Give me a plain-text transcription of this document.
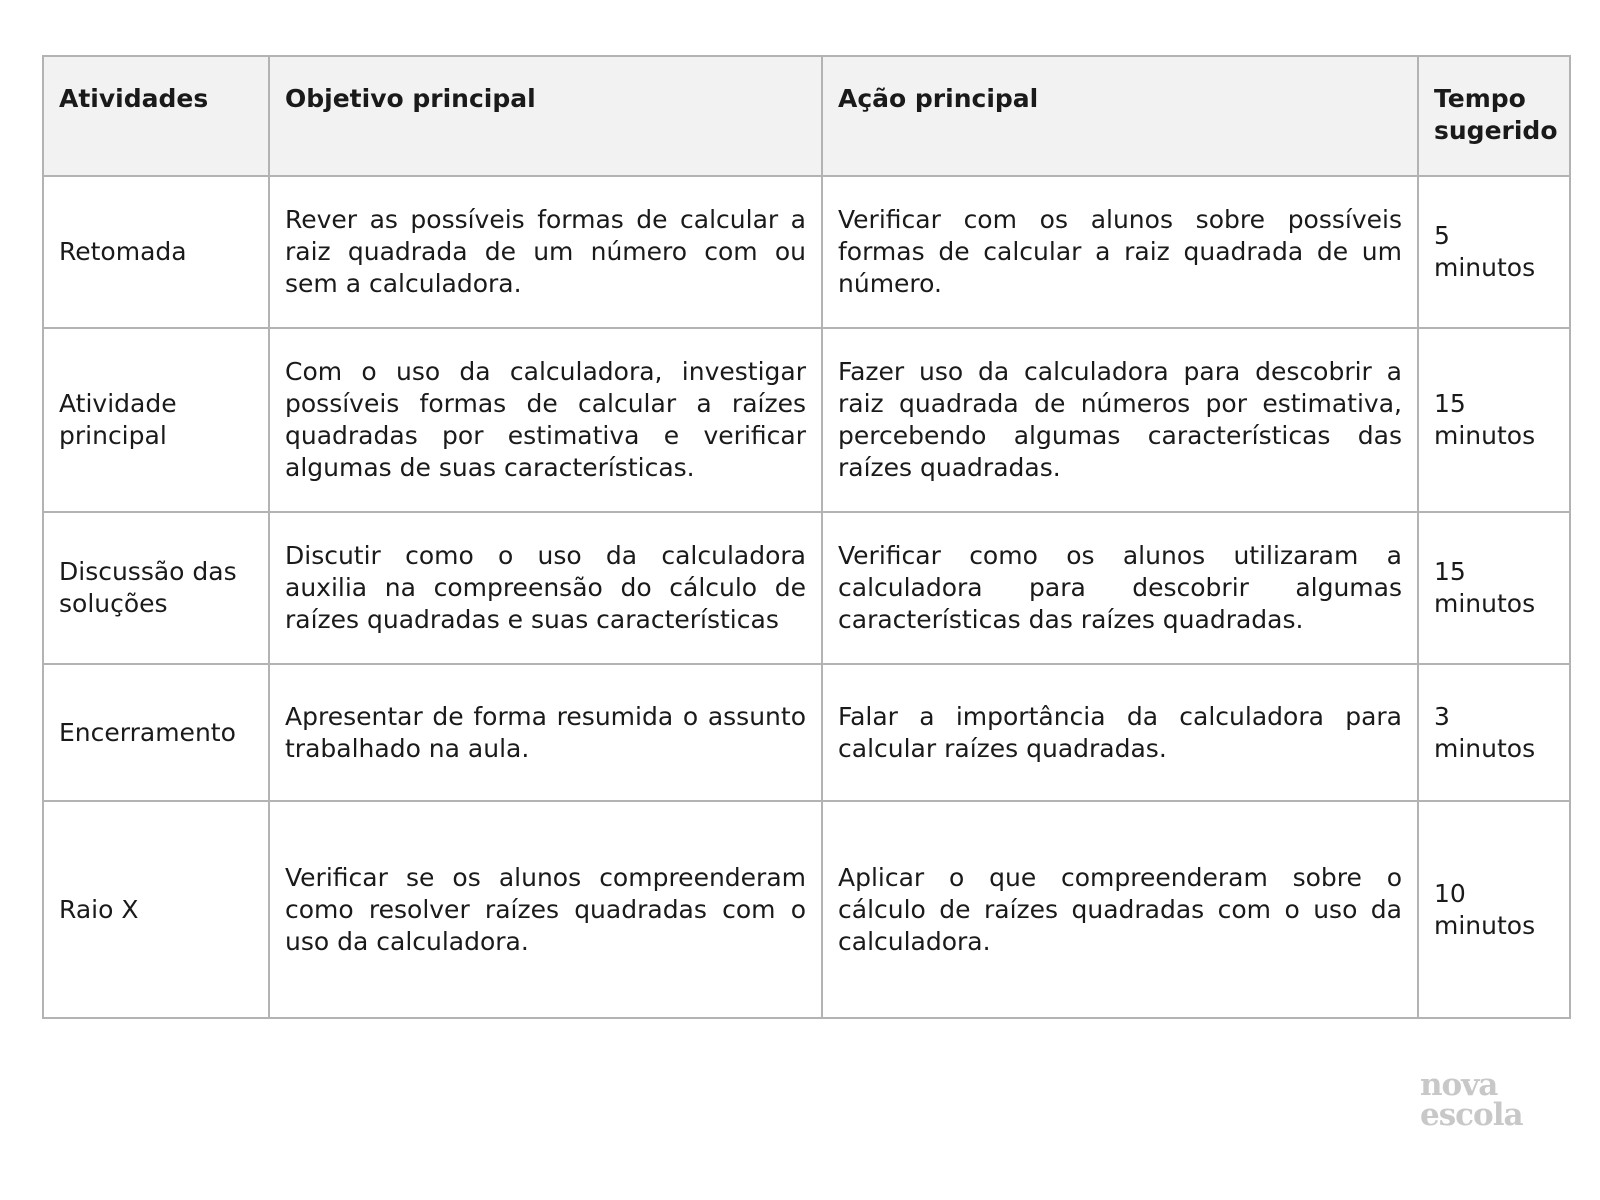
Atividades	Objetivo principal	Ação principal	Tempo sugerido
Retomada	Rever as possíveis formas de calcular a raiz quadrada de um número com ou sem a calculadora.	Verificar com os alunos sobre possíveis formas de calcular a raiz quadrada de um número.	5 minutos
Atividade principal	Com o uso da calculadora, investigar possíveis formas de calcular a raízes quadradas por estimativa e verificar algumas de suas características.	Fazer uso da calculadora para descobrir a raiz quadrada de números por estimativa, percebendo algumas características das raízes quadradas.	15 minutos
Discussão das soluções	Discutir como o uso da calculadora auxilia na compreensão do cálculo de raízes quadradas e suas características	Verificar como os alunos utilizaram a calculadora para descobrir algumas características das raízes quadradas.	15 minutos
Encerramento	Apresentar de forma resumida o assunto trabalhado na aula.	Falar a importância da calculadora para calcular raízes quadradas.	3 minutos
Raio X	Verificar se os alunos compreenderam como resolver raízes quadradas com o uso da calculadora.	Aplicar o que compreenderam sobre o cálculo de raízes quadradas com o uso da calculadora.	10 minutos
nova
escola
